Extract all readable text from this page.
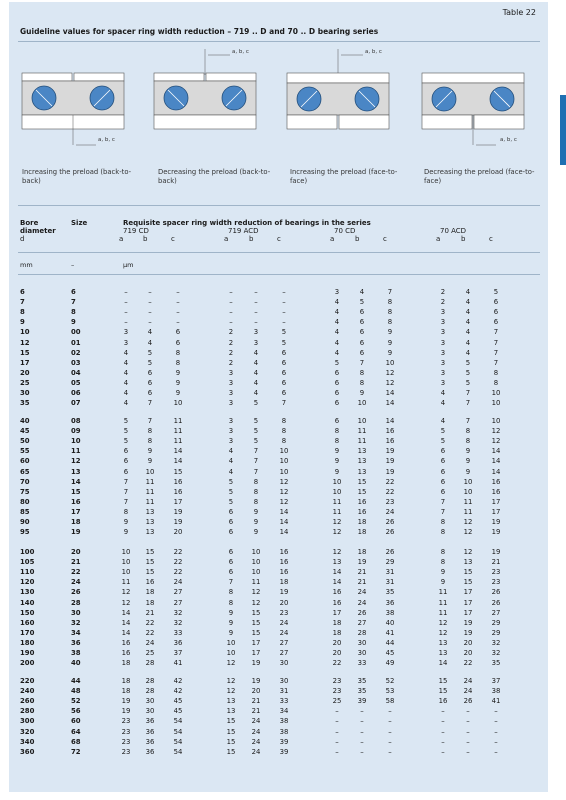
Table 22
Guideline values for spacer ring width reduction – 719 .. D and 70 .. D bearing series
a, b, c
a, b, c	a, b, c
a, b, c
Increasing the preload (back-to-back)
Decreasing the preload (back-to-back)
Increasing the preload (face-to-face)
Decreasing the preload (face-to-face)
Bore
diameter
d
Size	Requisite spacer ring width reduction of bearings in the series
719 CD	719 ACD	70 CD	70 ACD
a	b	c	a	b	c	a	b	c	a	b	c
mm	–	µm
6	6	–	–	–	–	–	–	3	4	7	2	4	5
7	7	–	–	–	–	–	–	4	5	8	2	4	6
8	8	–	–	–	–	–	–	4	6	8	3	4	6
9	9	–	–	–	–	–	–	4	6	8	3	4	6
10	00	3	4	6	2	3	5	4	6	9	3	4	7
12	01	3	4	6	2	3	5	4	6	9	3	4	7
15	02	4	5	8	2	4	6	4	6	9	3	4	7
17	03	4	5	8	2	4	6	5	7	10	3	5	7
20	04	4	6	9	3	4	6	6	8	12	3	5	8
25	05	4	6	9	3	4	6	6	8	12	3	5	8
30	06	4	6	9	3	4	6	6	9	14	4	7	10
35	07	4	7	10	3	5	7	6	10	14	4	7	10
40	08	5	7	11	3	5	8	6	10	14	4	7	10
45	09	5	8	11	3	5	8	8	11	16	5	8	12
50	10	5	8	11	3	5	8	8	11	16	5	8	12
55	11	6	9	14	4	7	10	9	13	19	6	9	14
60	12	6	9	14	4	7	10	9	13	19	6	9	14
65	13	6	10	15	4	7	10	9	13	19	6	9	14
70	14	7	11	16	5	8	12	10	15	22	6	10	16
75	15	7	11	16	5	8	12	10	15	22	6	10	16
80	16	7	11	17	5	8	12	11	16	23	7	11	17
85	17	8	13	19	6	9	14	11	16	24	7	11	17
90	18	9	13	19	6	9	14	12	18	26	8	12	19
95	19	9	13	20	6	9	14	12	18	26	8	12	19
100	20	10	15	22	6	10	16	12	18	26	8	12	19
105	21	10	15	22	6	10	16	13	19	29	8	13	21
110	22	10	15	22	6	10	16	14	21	31	9	15	23
120	24	11	16	24	7	11	18	14	21	31	9	15	23
130	26	12	18	27	8	12	19	16	24	35	11	17	26
140	28	12	18	27	8	12	20	16	24	36	11	17	26
150	30	14	21	32	9	15	23	17	26	38	11	17	27
160	32	14	22	32	9	15	24	18	27	40	12	19	29
170	34	14	22	33	9	15	24	18	28	41	12	19	29
180	36	16	24	36	10	17	27	20	30	44	13	20	32
190	38	16	25	37	10	17	27	20	30	45	13	20	32
200	40	18	28	41	12	19	30	22	33	49	14	22	35
220	44	18	28	42	12	19	30	23	35	52	15	24	37
240	48	18	28	42	12	20	31	23	35	53	15	24	38
260	52	19	30	45	13	21	33	25	39	58	16	26	41
280	56	19	30	45	13	21	34	–	–	–	–	–	–
300	60	23	36	54	15	24	38	–	–	–	–	–	–
320	64	23	36	54	15	24	38	–	–	–	–	–	–
340	68	23	36	54	15	24	39	–	–	–	–	–	–
360	72	23	36	54	15	24	39	–	–	–	–	–	–
